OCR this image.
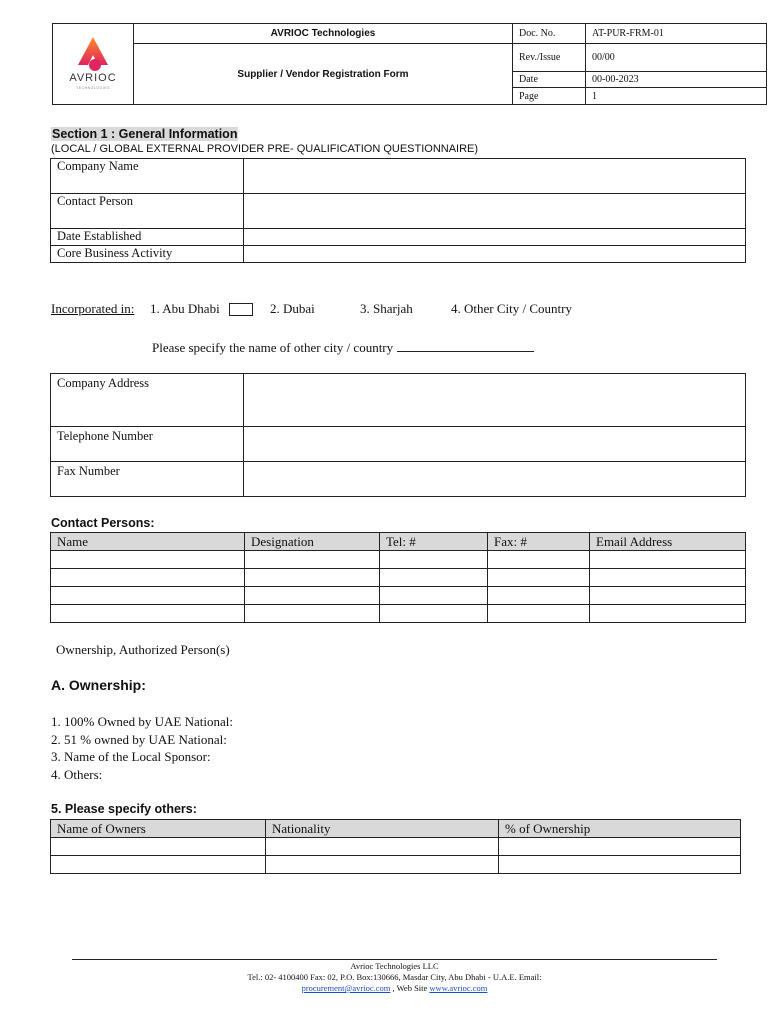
AVRIOC
TECHNOLOGIES	AVRIOC Technologies	Doc. No.	AT-PUR-FRM-01
	Supplier / Vendor Registration Form	Rev./Issue	00/00
		Date	00-00-2023
		Page	1
Section 1 : General Information
(LOCAL / GLOBAL EXTERNAL PROVIDER PRE- QUALIFICATION QUESTIONNAIRE)
Company Name	
Contact Person	
Date Established	
Core Business Activity	
Incorporated in: 1. Abu Dhabi	2. Dubai	3. Sharjah	4. Other City / Country
Please specify the name of other city / country
Company Address	
Telephone Number	
Fax Number	
Contact Persons:
Name	Designation	Tel: #	Fax: #	Email Address

Ownership, Authorized Person(s)
A. Ownership:
1. 100% Owned by UAE National:
2. 51 % owned by UAE National:
3. Name of the Local Sponsor:
4. Others:
5. Please specify others:
Name of Owners	Nationality	% of Ownership

Avrioc Technologies LLC
Tel.: 02- 4100400 Fax: 02, P.O. Box:130666, Masdar City, Abu Dhabi - U.A.E. Email:
procurement@avrioc.com , Web Site www.avrioc.com
